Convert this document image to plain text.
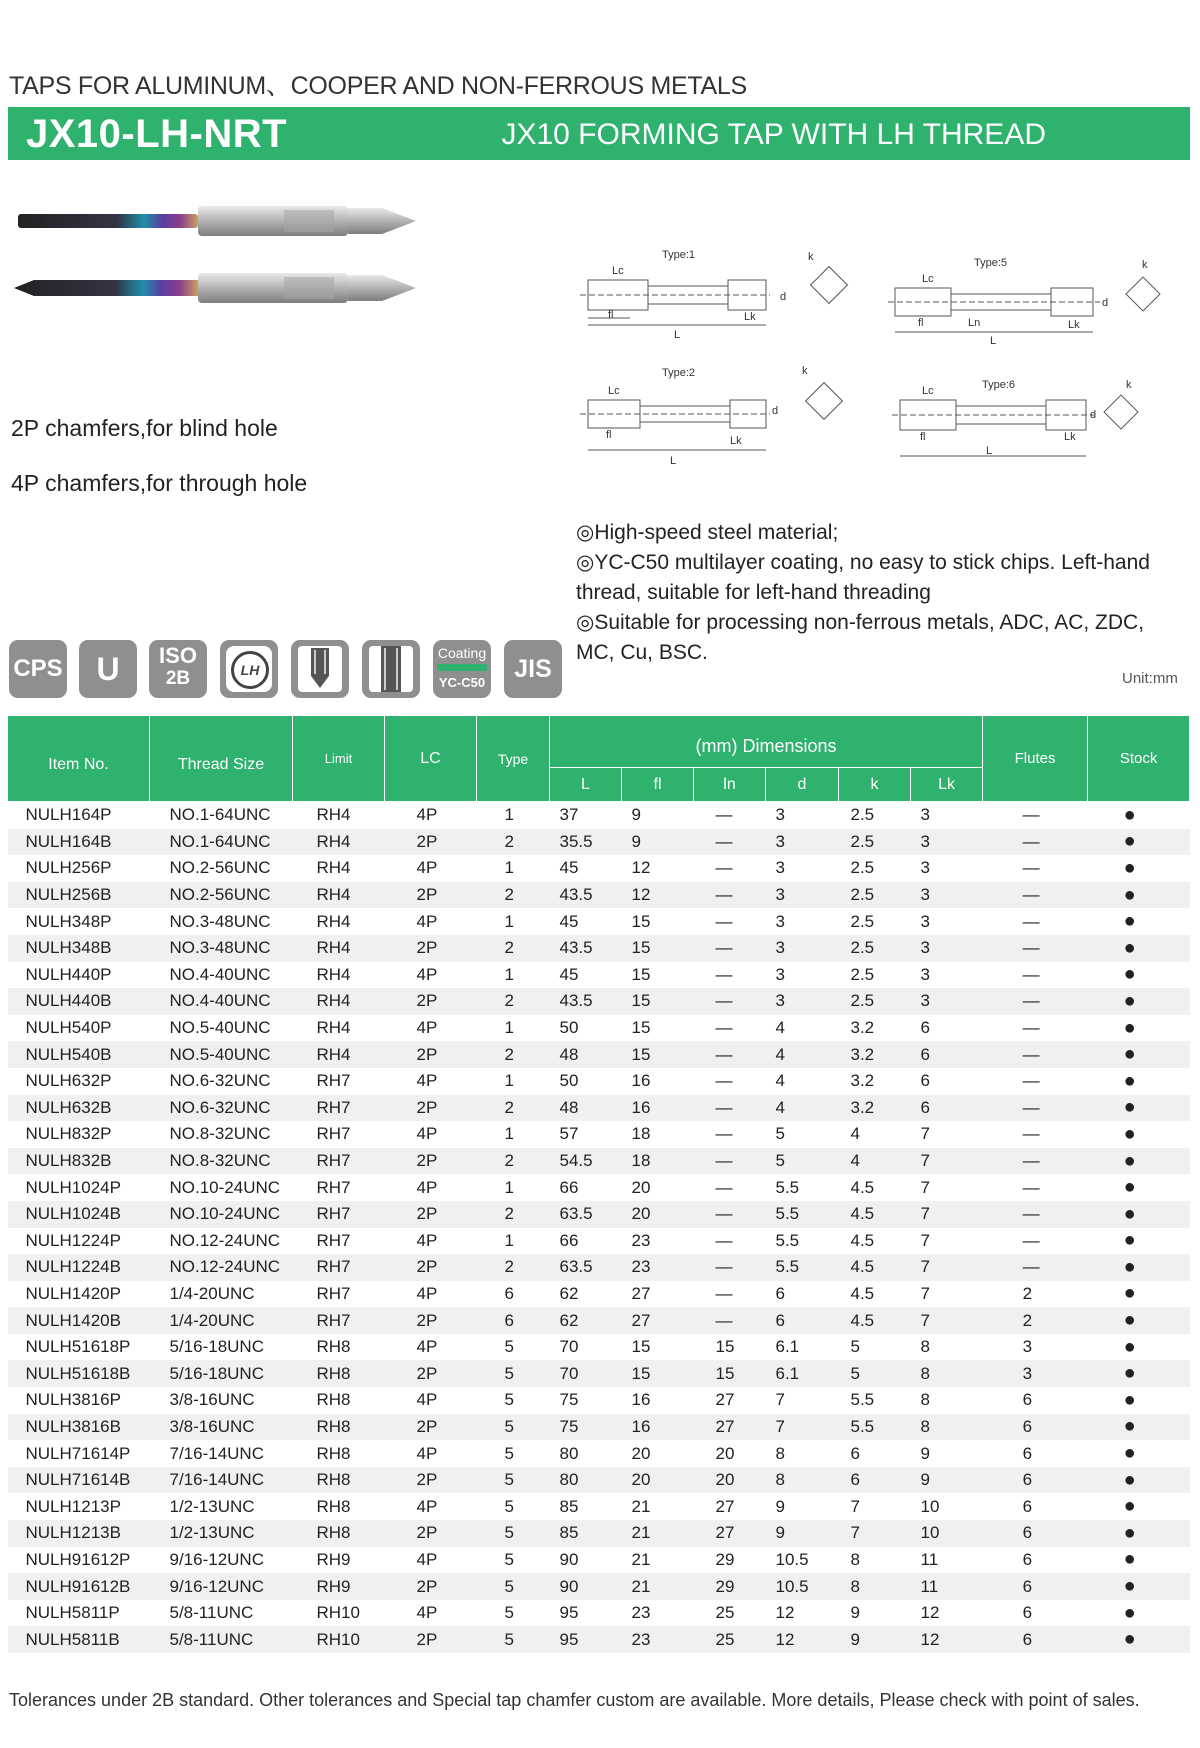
TAPS FOR ALUMINUM、COOPER AND NON-FERROUS METALS
JX10-LH-NRT	JX10 FORMING TAP WITH LH THREAD
2P chamfers,for blind hole
4P chamfers,for through hole
Type:1
Lc
fl
L
Lk
d
k	Type:5
Lc
fl	Ln
L
Lk
d
k
Type:2
Lc
fl
L
Lk
d
k
Type:6
Lc
fl
L
Lk
d
k

◎High-speed steel material;

◎YC-C50 multilayer coating, no easy to stick chips. Left-hand thread, suitable for left-hand threading

◎Suitable for processing non-ferrous metals, ADC, AC, ZDC, MC, Cu, BSC.

Unit:mm
CPS	U	ISO
2B	LH
Coating
YC-C50	JIS
Item No.	Thread Size	Limit	LC	Type	(mm) Dimensions						Flutes	Stock
					L	fl	ln	d	k	Lk		
NULH164P	NO.1-64UNC	RH4	4P	1	37	9	—	3	2.5	3	—	●
NULH164B	NO.1-64UNC	RH4	2P	2	35.5	9	—	3	2.5	3	—	●
NULH256P	NO.2-56UNC	RH4	4P	1	45	12	—	3	2.5	3	—	●
NULH256B	NO.2-56UNC	RH4	2P	2	43.5	12	—	3	2.5	3	—	●
NULH348P	NO.3-48UNC	RH4	4P	1	45	15	—	3	2.5	3	—	●
NULH348B	NO.3-48UNC	RH4	2P	2	43.5	15	—	3	2.5	3	—	●
NULH440P	NO.4-40UNC	RH4	4P	1	45	15	—	3	2.5	3	—	●
NULH440B	NO.4-40UNC	RH4	2P	2	43.5	15	—	3	2.5	3	—	●
NULH540P	NO.5-40UNC	RH4	4P	1	50	15	—	4	3.2	6	—	●
NULH540B	NO.5-40UNC	RH4	2P	2	48	15	—	4	3.2	6	—	●
NULH632P	NO.6-32UNC	RH7	4P	1	50	16	—	4	3.2	6	—	●
NULH632B	NO.6-32UNC	RH7	2P	2	48	16	—	4	3.2	6	—	●
NULH832P	NO.8-32UNC	RH7	4P	1	57	18	—	5	4	7	—	●
NULH832B	NO.8-32UNC	RH7	2P	2	54.5	18	—	5	4	7	—	●
NULH1024P	NO.10-24UNC	RH7	4P	1	66	20	—	5.5	4.5	7	—	●
NULH1024B	NO.10-24UNC	RH7	2P	2	63.5	20	—	5.5	4.5	7	—	●
NULH1224P	NO.12-24UNC	RH7	4P	1	66	23	—	5.5	4.5	7	—	●
NULH1224B	NO.12-24UNC	RH7	2P	2	63.5	23	—	5.5	4.5	7	—	●
NULH1420P	1/4-20UNC	RH7	4P	6	62	27	—	6	4.5	7	2	●
NULH1420B	1/4-20UNC	RH7	2P	6	62	27	—	6	4.5	7	2	●
NULH51618P	5/16-18UNC	RH8	4P	5	70	15	15	6.1	5	8	3	●
NULH51618B	5/16-18UNC	RH8	2P	5	70	15	15	6.1	5	8	3	●
NULH3816P	3/8-16UNC	RH8	4P	5	75	16	27	7	5.5	8	6	●
NULH3816B	3/8-16UNC	RH8	2P	5	75	16	27	7	5.5	8	6	●
NULH71614P	7/16-14UNC	RH8	4P	5	80	20	20	8	6	9	6	●
NULH71614B	7/16-14UNC	RH8	2P	5	80	20	20	8	6	9	6	●
NULH1213P	1/2-13UNC	RH8	4P	5	85	21	27	9	7	10	6	●
NULH1213B	1/2-13UNC	RH8	2P	5	85	21	27	9	7	10	6	●
NULH91612P	9/16-12UNC	RH9	4P	5	90	21	29	10.5	8	11	6	●
NULH91612B	9/16-12UNC	RH9	2P	5	90	21	29	10.5	8	11	6	●
NULH5811P	5/8-11UNC	RH10	4P	5	95	23	25	12	9	12	6	●
NULH5811B	5/8-11UNC	RH10	2P	5	95	23	25	12	9	12	6	●
Tolerances under 2B standard. Other tolerances and Special tap chamfer custom are available. More details, Please check with point of sales.
